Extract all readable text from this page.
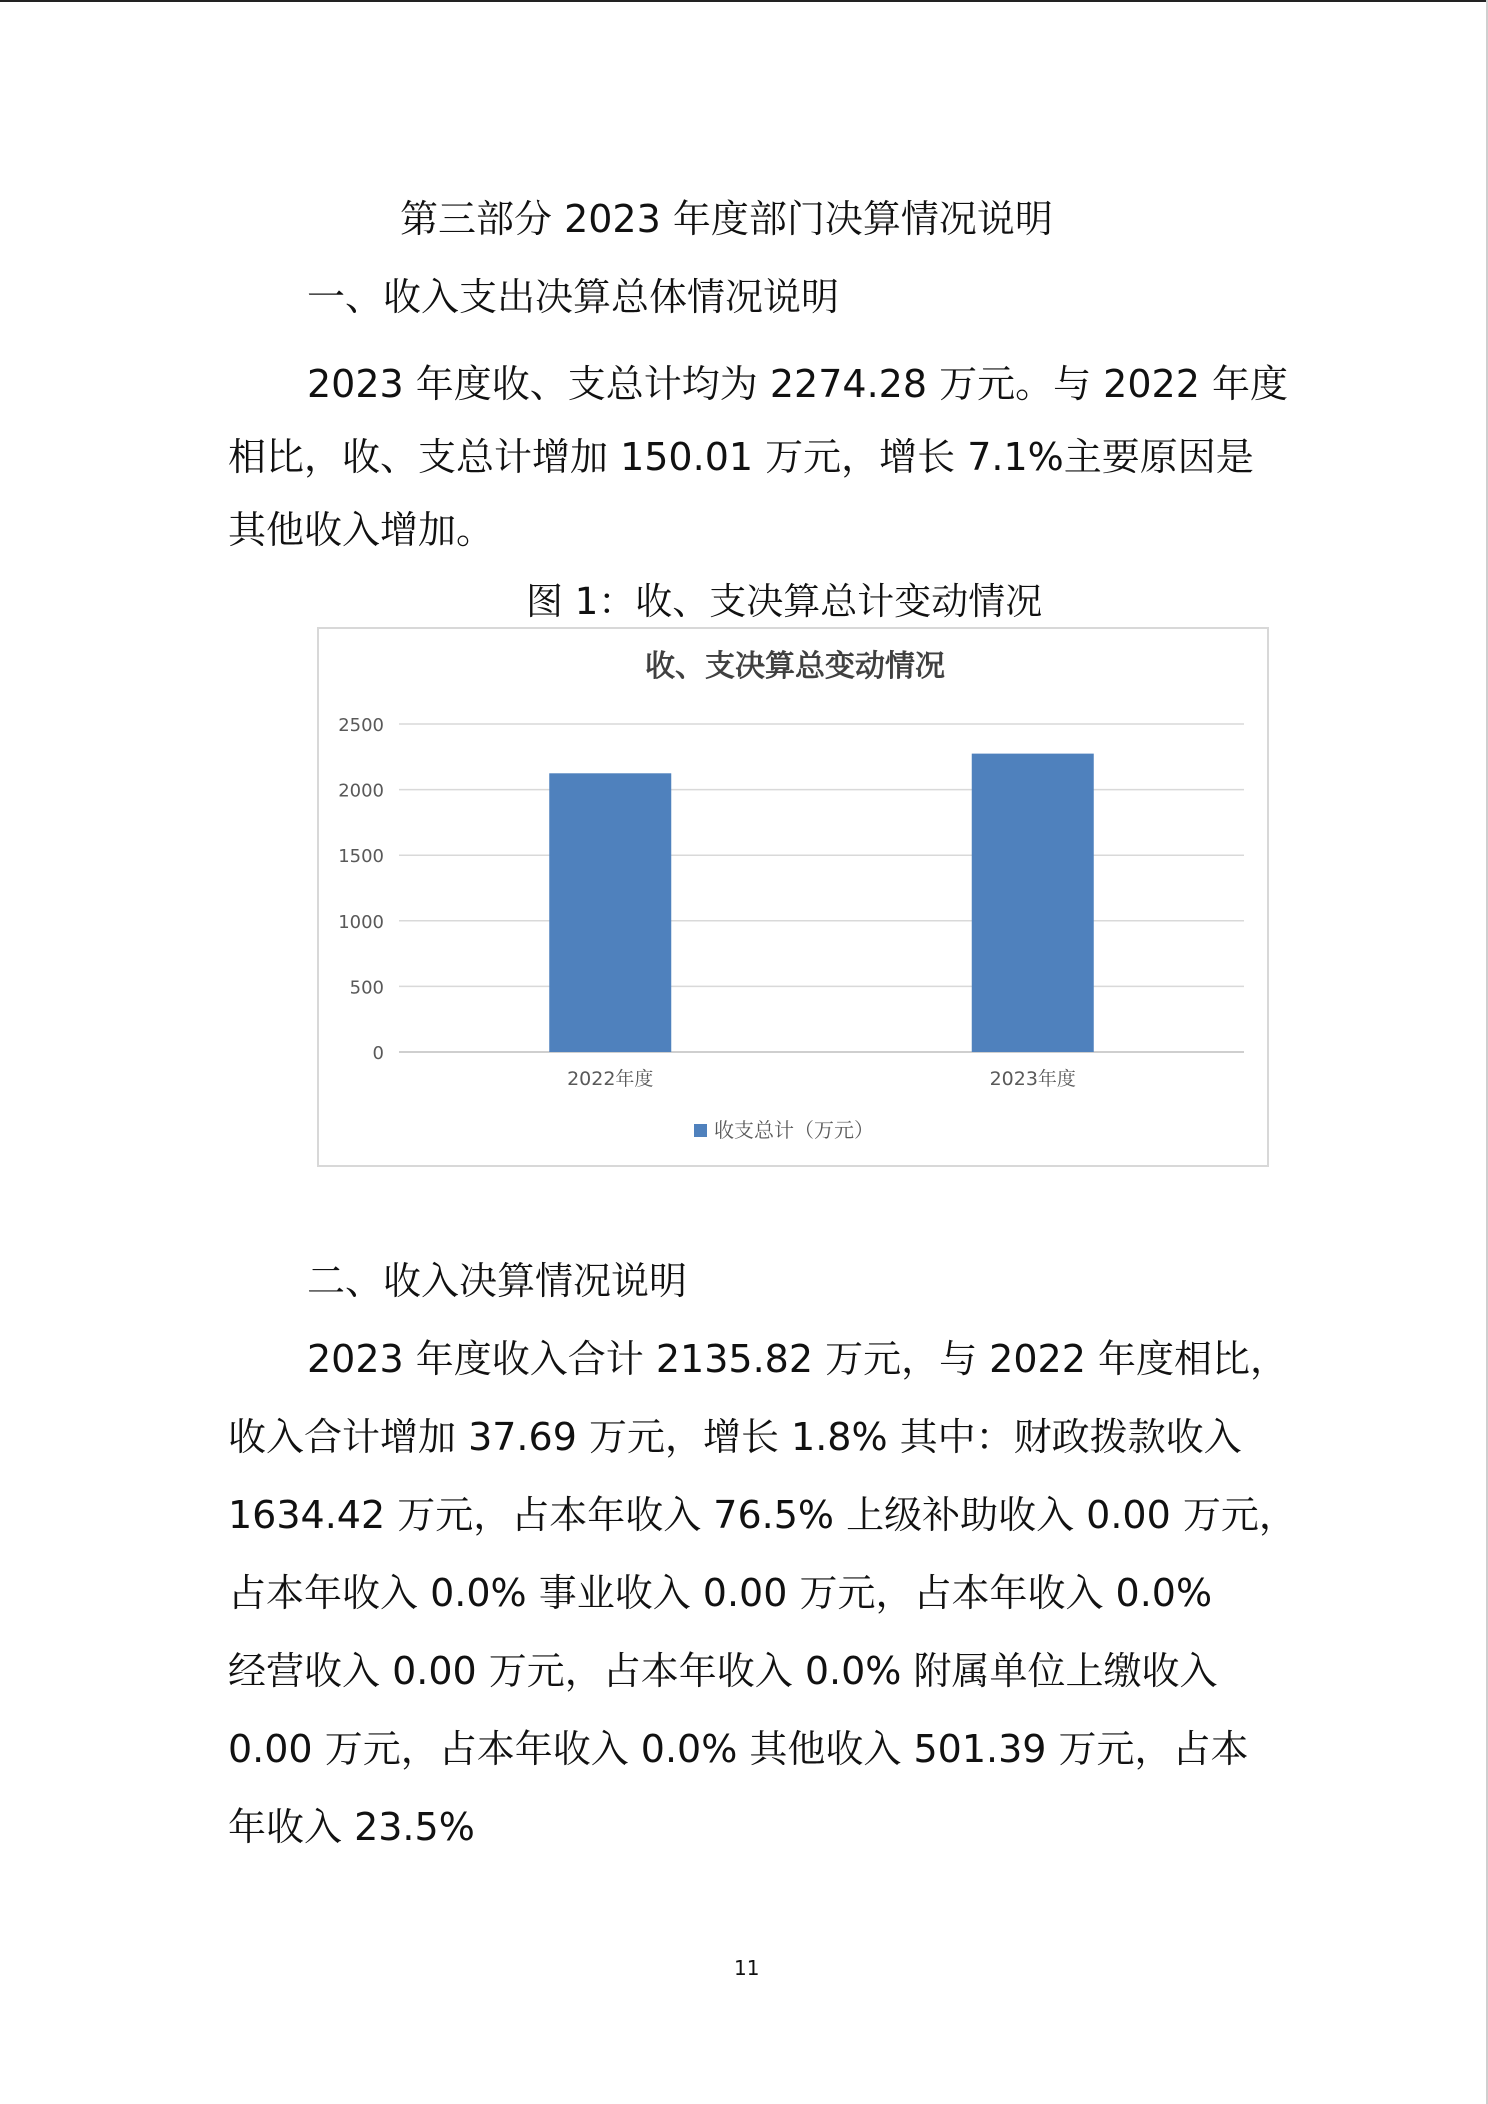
第三部分 2023 年度部门决算情况说明
一、收入支出决算总体情况说明
2023 年度收、支总计均为 2274.28 万元。与 2022 年度
相比，收、支总计增加 150.01 万元，增长 7.1%主要原因是
其他收入增加。
图 1：收、支决算总计变动情况
收、支决算总变动情况
0
500
1000
1500
2000
2500
2022年度	2023年度
收支总计（万元）
二、收入决算情况说明
2023 年度收入合计 2135.82 万元，与 2022 年度相比，
收入合计增加 37.69 万元，增长 1.8% 其中：财政拨款收入
1634.42 万元，占本年收入 76.5% 上级补助收入 0.00 万元，
占本年收入 0.0% 事业收入 0.00 万元，占本年收入 0.0%
经营收入 0.00 万元，占本年收入 0.0% 附属单位上缴收入
0.00 万元，占本年收入 0.0% 其他收入 501.39 万元，占本
年收入 23.5%
11
